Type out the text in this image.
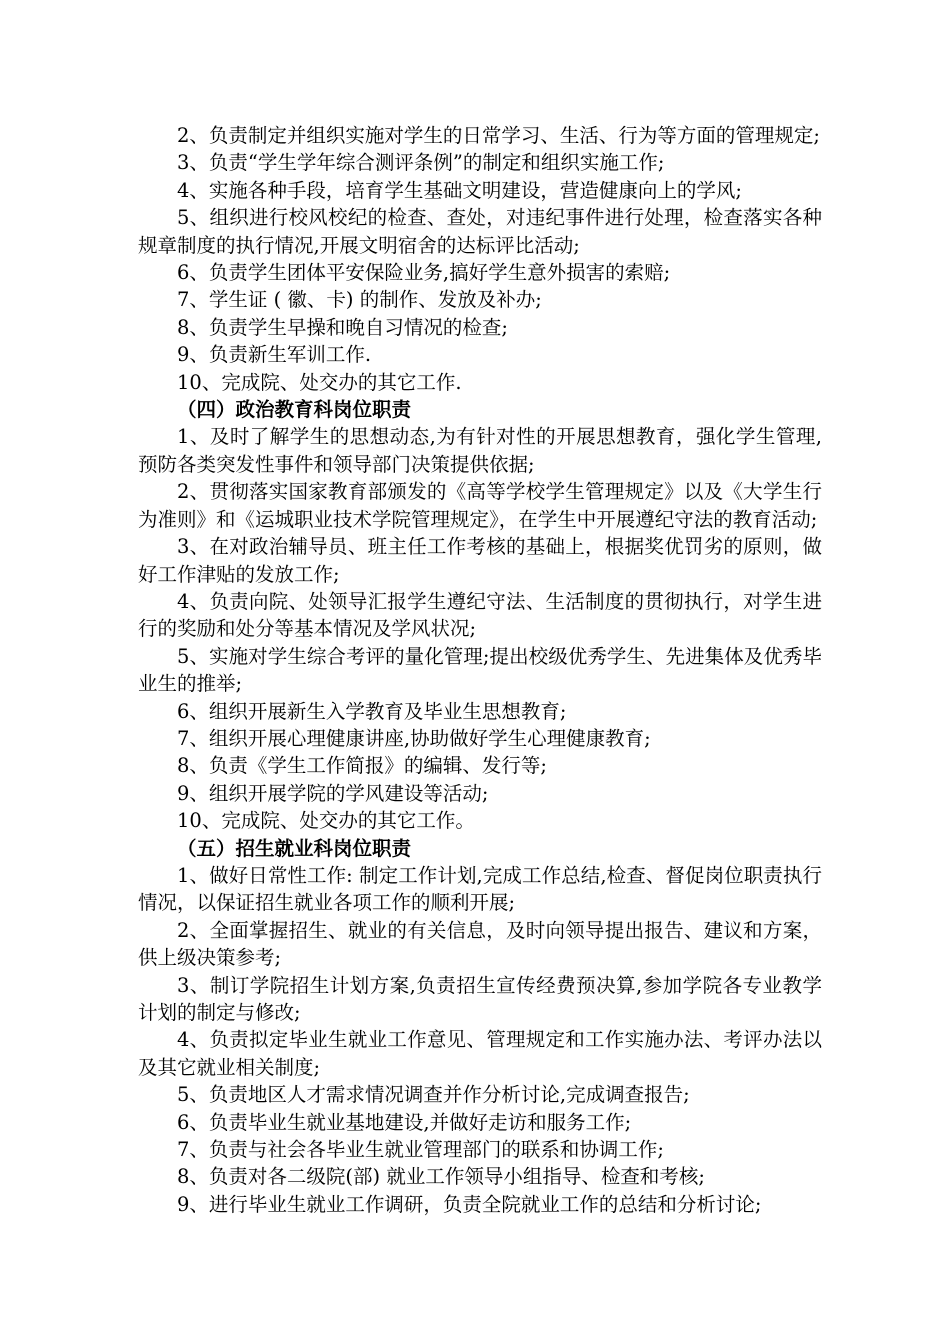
2、负责制定并组织实施对学生的日常学习、生活、行为等方面的管理规定;

3、负责“学生学年综合测评条例”的制定和组织实施工作;

4、实施各种手段，培育学生基础文明建设，营造健康向上的学风;

5、组织进行校风校纪的检查、查处，对违纪事件进行处理，检查落实各种规章制度的执行情况,开展文明宿舍的达标评比活动;

6、负责学生团体平安保险业务,搞好学生意外损害的索赔;

7、学生证 ( 徽、卡) 的制作、发放及补办;

8、负责学生早操和晚自习情况的检查;

9、负责新生军训工作.

10、完成院、处交办的其它工作.

（四）政治教育科岗位职责

1、及时了解学生的思想动态,为有针对性的开展思想教育，强化学生管理,预防各类突发性事件和领导部门决策提供依据;

2、贯彻落实国家教育部颁发的《高等学校学生管理规定》以及《大学生行为准则》和《运城职业技术学院管理规定》，在学生中开展遵纪守法的教育活动;

3、在对政治辅导员、班主任工作考核的基础上，根据奖优罚劣的原则，做好工作津贴的发放工作;

4、负责向院、处领导汇报学生遵纪守法、生活制度的贯彻执行，对学生进行的奖励和处分等基本情况及学风状况;

5、实施对学生综合考评的量化管理;提出校级优秀学生、先进集体及优秀毕业生的推举;

6、组织开展新生入学教育及毕业生思想教育;

7、组织开展心理健康讲座,协助做好学生心理健康教育;

8、负责《学生工作简报》的编辑、发行等;

9、组织开展学院的学风建设等活动;

10、完成院、处交办的其它工作。

（五）招生就业科岗位职责

1、做好日常性工作: 制定工作计划,完成工作总结,检查、督促岗位职责执行情况，以保证招生就业各项工作的顺利开展;

2、全面掌握招生、就业的有关信息，及时向领导提出报告、建议和方案，供上级决策参考;

3、制订学院招生计划方案,负责招生宣传经费预决算,参加学院各专业教学计划的制定与修改;

4、负责拟定毕业生就业工作意见、管理规定和工作实施办法、考评办法以及其它就业相关制度;

5、负责地区人才需求情况调查并作分析讨论,完成调查报告;

6、负责毕业生就业基地建设,并做好走访和服务工作;

7、负责与社会各毕业生就业管理部门的联系和协调工作;

8、负责对各二级院(部) 就业工作领导小组指导、检查和考核;

9、进行毕业生就业工作调研，负责全院就业工作的总结和分析讨论;
